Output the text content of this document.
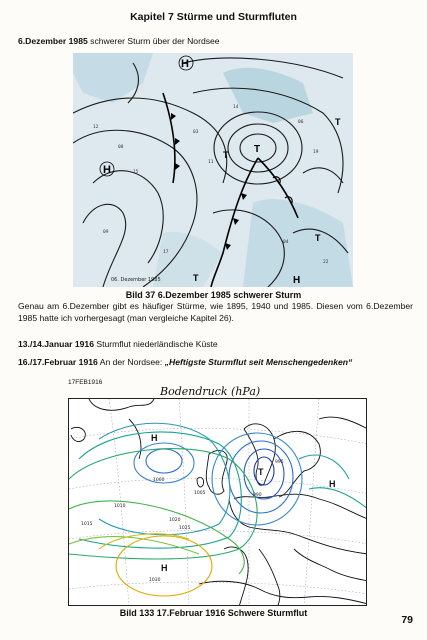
Kapitel 7 Stürme und Sturmfluten
6.Dezember 1985 schwerer Sturm über der Nordsee
12
08
15
03
11
06
19
04
22
17
09
14
H
T	T
H
T	H
T
T
06. Dezember 1985
Bild 37 6.Dezember 1985 schwerer Sturm
Genau am 6.Dezember gibt es häufiger Stürme, wie 1895, 1940 und 1985. Diesen vom 6.Dezember 1985 hatte ich vorhergesagt (man vergleiche Kapitel 26).
13./14.Januar 1916 Sturmflut niederländische Küste
16./17.Februar 1916 An der Nordsee: „Heftigste Sturmflut seit Menschengedenken“
17FEB1916
Bodendruck (hPa)
990
1000
1010
1015
1020
1025
1030
995
1005
H
H
H
T
Bild 133 17.Februar 1916 Schwere Sturmflut
79
